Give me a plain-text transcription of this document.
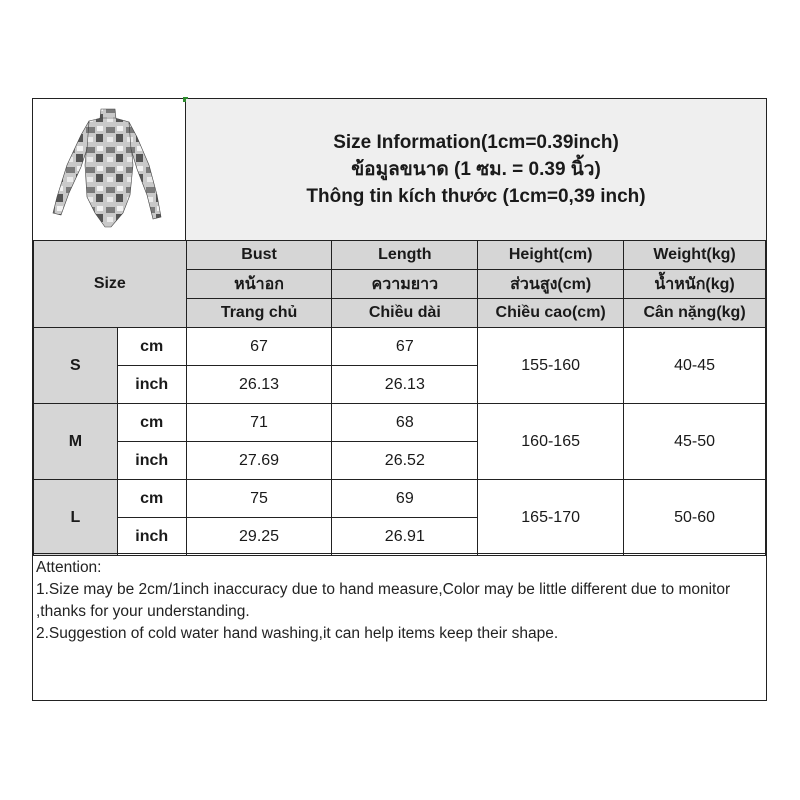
Size Information(1cm=0.39inch)
ข้อมูลขนาด (1 ซม. = 0.39 นิ้ว)
Thông tin kích thước (1cm=0,39 inch)
Size		Bust	Length	Height(cm)	Weight(kg)
		หน้าอก	ความยาว	ส่วนสูง(cm)	น้ำหนัก(kg)
		Trang chủ	Chiều dài	Chiều cao(cm)	Cân nặng(kg)
S	cm	67	67	155-160	40-45
	inch	26.13	26.13		
M	cm	71	68	160-165	45-50
	inch	27.69	26.52		
L	cm	75	69	165-170	50-60
	inch	29.25	26.91		
Attention:
1.Size may be 2cm/1inch inaccuracy due to hand measure,Color may be little different due to monitor ,thanks for your understanding.
2.Suggestion of cold water hand washing,it can help items keep their shape.
